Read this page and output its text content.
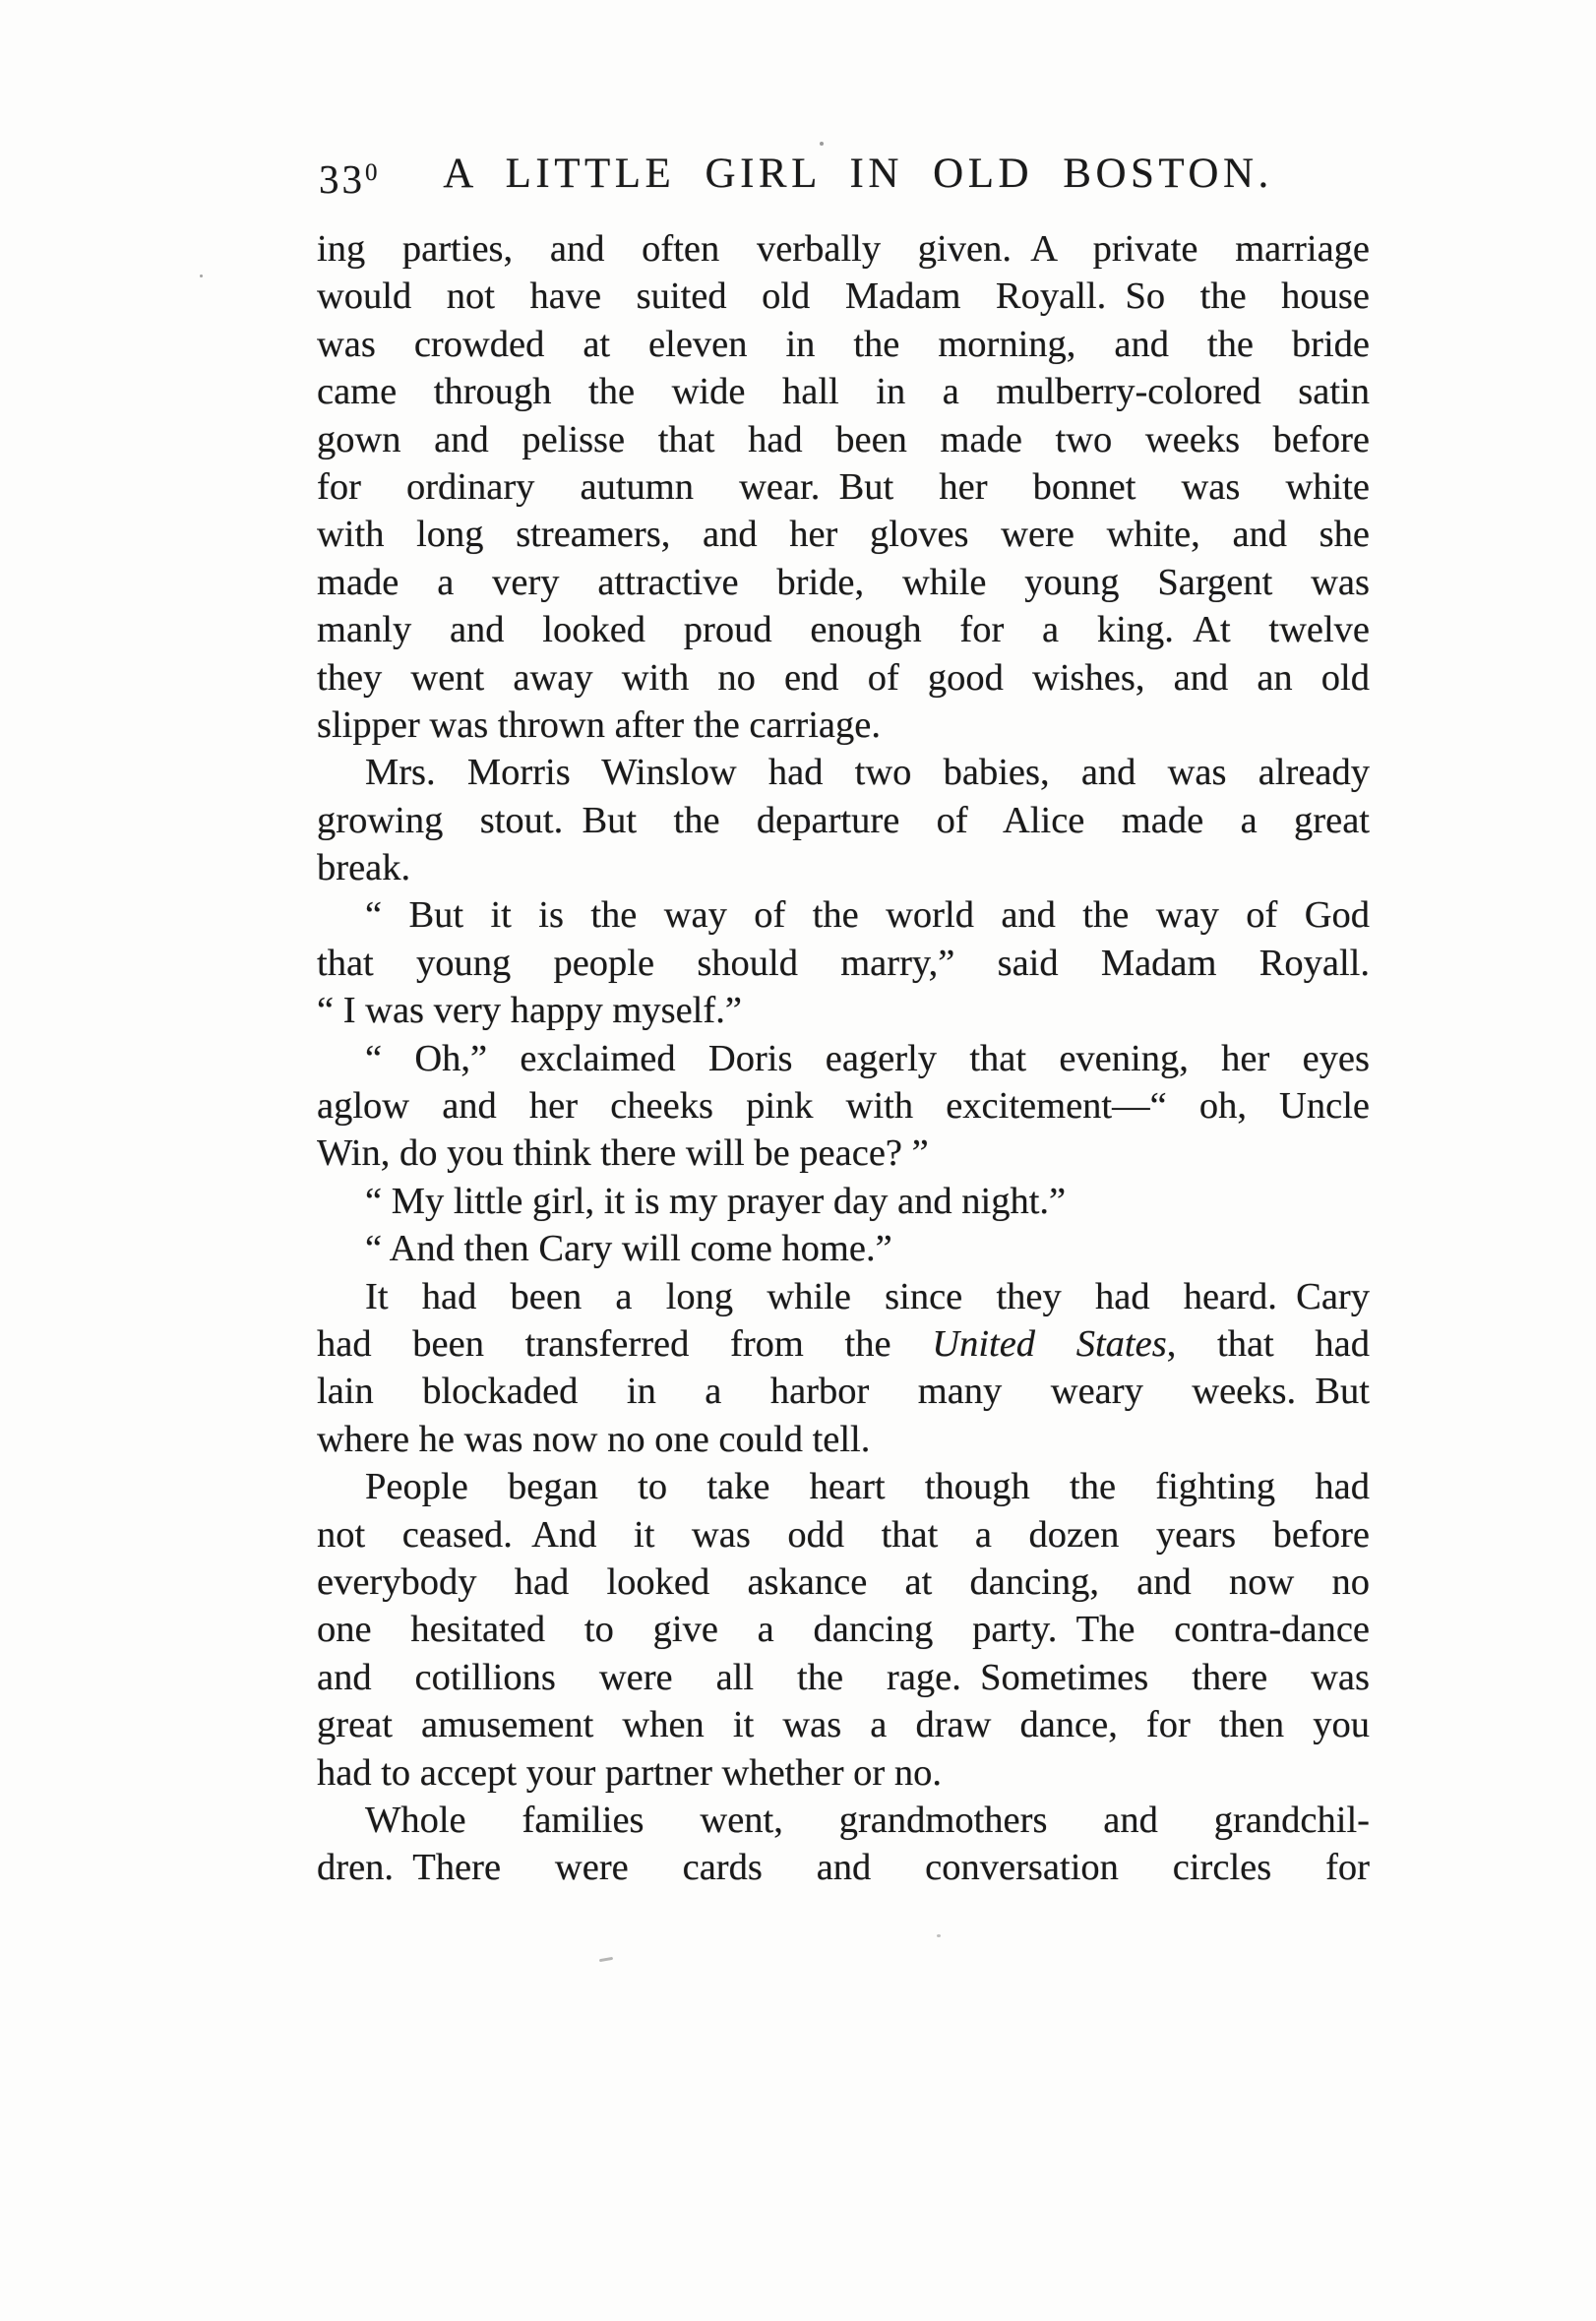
$33^0$	A LITTLE GIRL IN OLD BOSTON.
ing parties, and often verbally given. A private marriage
would not have suited old Madam Royall. So the house
was crowded at eleven in the morning, and the bride
came through the wide hall in a mulberry-colored satin
gown and pelisse that had been made two weeks before
for ordinary autumn wear. But her bonnet was white
with long streamers, and her gloves were white, and she
made a very attractive bride, while young Sargent was
manly and looked proud enough for a king. At twelve
they went away with no end of good wishes, and an old
slipper was thrown after the carriage.
Mrs. Morris Winslow had two babies, and was already
growing stout. But the departure of Alice made a great
break.
“ But it is the way of the world and the way of God
that young people should marry,” said Madam Royall.
“ I was very happy myself.”
“ Oh,” exclaimed Doris eagerly that evening, her eyes
aglow and her cheeks pink with excitement—“ oh, Uncle
Win, do you think there will be peace? ”
“ My little girl, it is my prayer day and night.”
“ And then Cary will come home.”
It had been a long while since they had heard. Cary
had been transferred from the United States, that had
lain blockaded in a harbor many weary weeks. But
where he was now no one could tell.
People began to take heart though the fighting had
not ceased. And it was odd that a dozen years before
everybody had looked askance at dancing, and now no
one hesitated to give a dancing party. The contra-dance
and cotillions were all the rage. Sometimes there was
great amusement when it was a draw dance, for then you
had to accept your partner whether or no.
Whole families went, grandmothers and grandchil-
dren. There were cards and conversation circles for
